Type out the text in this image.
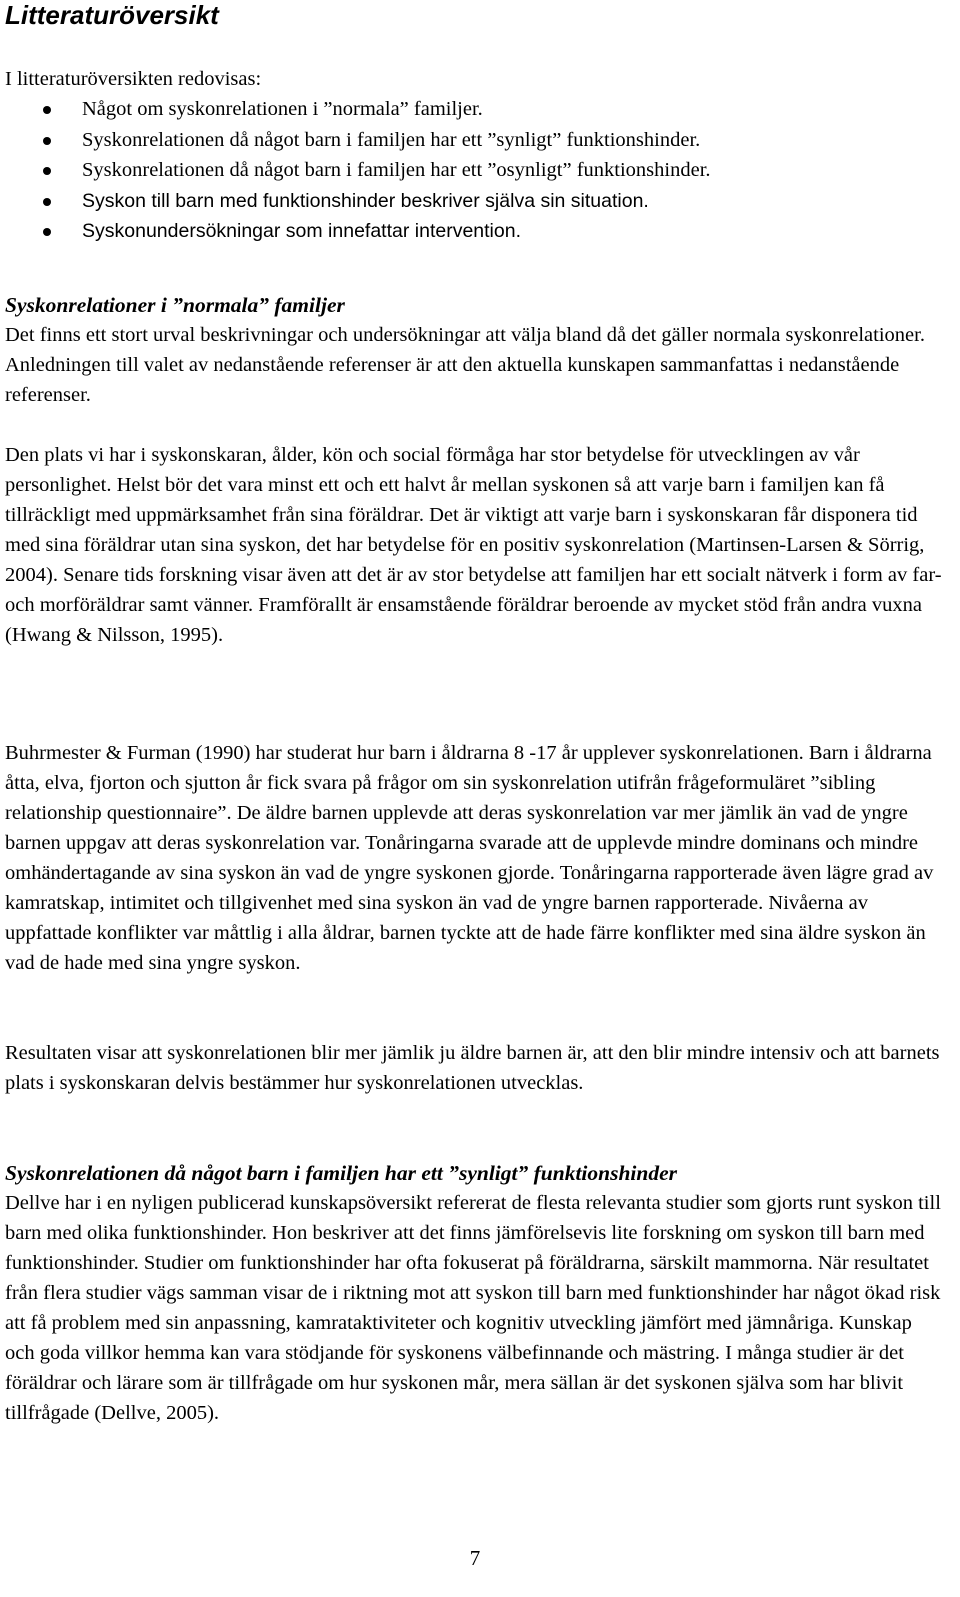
Litteraturöversikt
I litteraturöversikten redovisas:
Något om syskonrelationen i ”normala” familjer.
Syskonrelationen då något barn i familjen har ett ”synligt” funktionshinder.
Syskonrelationen då något barn i familjen har ett ”osynligt” funktionshinder.
Syskon till barn med funktionshinder beskriver själva sin situation.
Syskonundersökningar som innefattar intervention.
Syskonrelationer i ”normala” familjer

Det finns ett stort urval beskrivningar och undersökningar att välja bland då det gäller normala syskonrelationer. Anledningen till valet av nedanstående referenser är att den aktuella kunskapen sammanfattas i nedanstående referenser.

Den plats vi har i syskonskaran, ålder, kön och social förmåga har stor betydelse för utvecklingen av vår personlighet. Helst bör det vara minst ett och ett halvt år mellan syskonen så att varje barn i familjen kan få tillräckligt med uppmärksamhet från sina föräldrar. Det är viktigt att varje barn i syskonskaran får disponera tid med sina föräldrar utan sina syskon, det har betydelse för en positiv syskonrelation (Martinsen-Larsen & Sörrig, 2004). Senare tids forskning visar även att det är av stor betydelse att familjen har ett socialt nätverk i form av far- och morföräldrar samt vänner. Framförallt är ensamstående föräldrar beroende av mycket stöd från andra vuxna (Hwang & Nilsson, 1995).

Buhrmester & Furman (1990) har studerat hur barn i åldrarna 8 -17 år upplever syskonrelationen. Barn i åldrarna åtta, elva, fjorton och sjutton år fick svara på frågor om sin syskonrelation utifrån frågeformuläret ”sibling relationship questionnaire”. De äldre barnen upplevde att deras syskonrelation var mer jämlik än vad de yngre barnen uppgav att deras syskonrelation var. Tonåringarna svarade att de upplevde mindre dominans och mindre omhändertagande av sina syskon än vad de yngre syskonen gjorde. Tonåringarna rapporterade även lägre grad av kamratskap, intimitet och tillgivenhet med sina syskon än vad de yngre barnen rapporterade. Nivåerna av uppfattade konflikter var måttlig i alla åldrar, barnen tyckte att de hade färre konflikter med sina äldre syskon än vad de hade med sina yngre syskon.

Resultaten visar att syskonrelationen blir mer jämlik ju äldre barnen är, att den blir mindre intensiv och att barnets plats i syskonskaran delvis bestämmer hur syskonrelationen utvecklas.

Syskonrelationen då något barn i familjen har ett ”synligt” funktionshinder

Dellve har i en nyligen publicerad kunskapsöversikt refererat de flesta relevanta studier som gjorts runt syskon till barn med olika funktionshinder. Hon beskriver att det finns jämförelsevis lite forskning om syskon till barn med funktionshinder. Studier om funktionshinder har ofta fokuserat på föräldrarna, särskilt mammorna. När resultatet från flera studier vägs samman visar de i riktning mot att syskon till barn med funktionshinder har något ökad risk att få problem med sin anpassning, kamrataktiviteter och kognitiv utveckling jämfört med jämnåriga. Kunskap och goda villkor hemma kan vara stödjande för syskonens välbefinnande och mästring. I många studier är det föräldrar och lärare som är tillfrågade om hur syskonen mår, mera sällan är det syskonen själva som har blivit tillfrågade (Dellve, 2005).

7
